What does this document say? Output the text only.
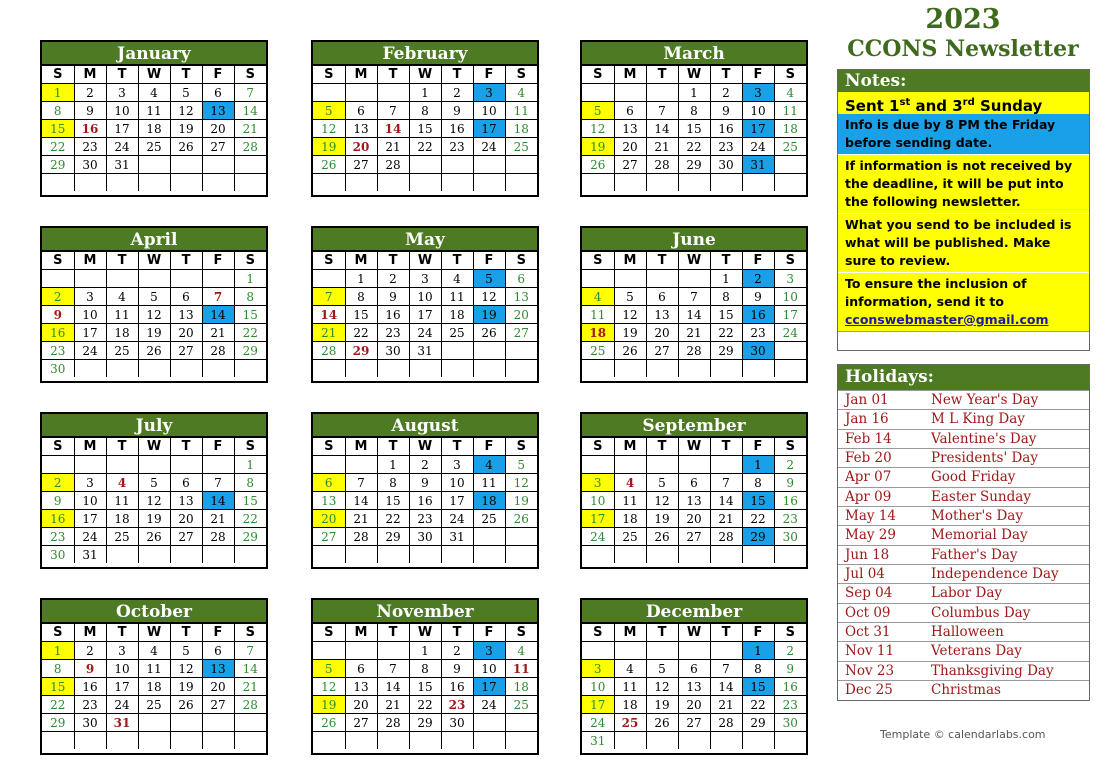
January
S	M	T	W	T	F	S
1	2	3	4	5	6	7
8	9	10	11	12	13	14
15	16	17	18	19	20	21
22	23	24	25	26	27	28
29	30	31				

February
S	M	T	W	T	F	S
			1	2	3	4
5	6	7	8	9	10	11
12	13	14	15	16	17	18
19	20	21	22	23	24	25
26	27	28				

March
S	M	T	W	T	F	S
			1	2	3	4
5	6	7	8	9	10	11
12	13	14	15	16	17	18
19	20	21	22	23	24	25
26	27	28	29	30	31	

April
S	M	T	W	T	F	S
						1
2	3	4	5	6	7	8
9	10	11	12	13	14	15
16	17	18	19	20	21	22
23	24	25	26	27	28	29
30						
May
S	M	T	W	T	F	S
	1	2	3	4	5	6
7	8	9	10	11	12	13
14	15	16	17	18	19	20
21	22	23	24	25	26	27
28	29	30	31			

June
S	M	T	W	T	F	S
				1	2	3
4	5	6	7	8	9	10
11	12	13	14	15	16	17
18	19	20	21	22	23	24
25	26	27	28	29	30	

July
S	M	T	W	T	F	S
						1
2	3	4	5	6	7	8
9	10	11	12	13	14	15
16	17	18	19	20	21	22
23	24	25	26	27	28	29
30	31					
August
S	M	T	W	T	F	S
		1	2	3	4	5
6	7	8	9	10	11	12
13	14	15	16	17	18	19
20	21	22	23	24	25	26
27	28	29	30	31		

September
S	M	T	W	T	F	S
					1	2
3	4	5	6	7	8	9
10	11	12	13	14	15	16
17	18	19	20	21	22	23
24	25	26	27	28	29	30

October
S	M	T	W	T	F	S
1	2	3	4	5	6	7
8	9	10	11	12	13	14
15	16	17	18	19	20	21
22	23	24	25	26	27	28
29	30	31				

November
S	M	T	W	T	F	S
			1	2	3	4
5	6	7	8	9	10	11
12	13	14	15	16	17	18
19	20	21	22	23	24	25
26	27	28	29	30		

December
S	M	T	W	T	F	S
					1	2
3	4	5	6	7	8	9
10	11	12	13	14	15	16
17	18	19	20	21	22	23
24	25	26	27	28	29	30
31						
2023
CCONS Newsletter
Notes:
Sent 1st and 3rd Sunday
Info is due by 8 PM the Friday before sending date.
If information is not received by the deadline, it will be put into the following newsletter.
What you send to be included is what will be published. Make sure to review.
To ensure the inclusion of information, send it to
cconswebmaster@gmail.com
Holidays:
Jan 01	New Year's Day
Jan 16	M L King Day
Feb 14	Valentine's Day
Feb 20	Presidents' Day
Apr 07	Good Friday
Apr 09	Easter Sunday
May 14	Mother's Day
May 29	Memorial Day
Jun 18	Father's Day
Jul 04	Independence Day
Sep 04	Labor Day
Oct 09	Columbus Day
Oct 31	Halloween
Nov 11	Veterans Day
Nov 23	Thanksgiving Day
Dec 25	Christmas
Template © calendarlabs.com
